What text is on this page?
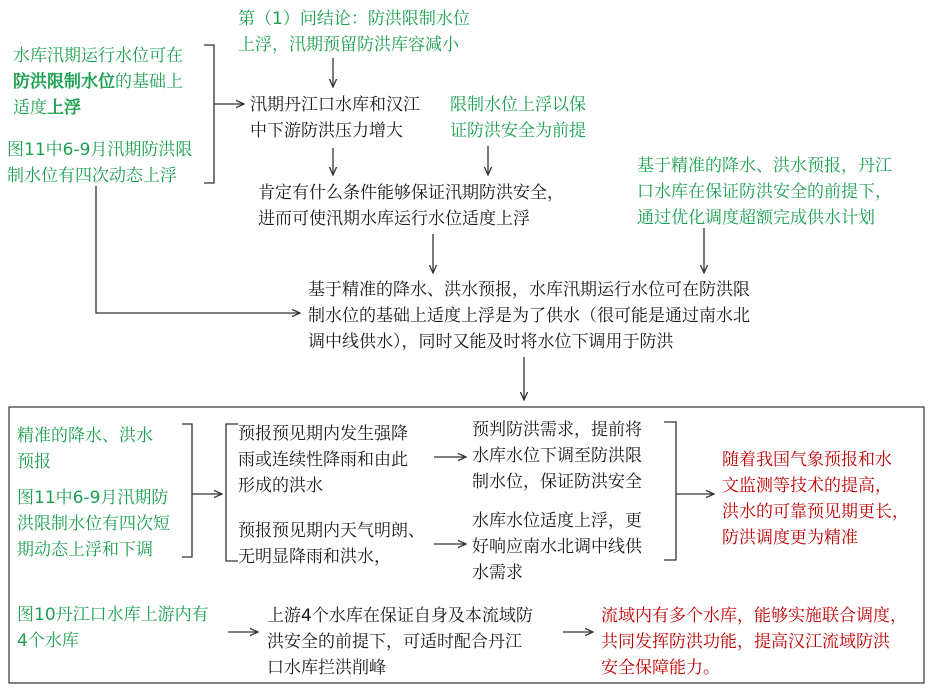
第（1）问结论：防洪限制水位
上浮，汛期预留防洪库容减小
水库汛期运行水位可在
防洪限制水位的基础上
适度上浮
图11中6-9月汛期防洪限
制水位有四次动态上浮
汛期丹江口水库和汉江
中下游防洪压力增大
限制水位上浮以保
证防洪安全为前提
肯定有什么条件能够保证汛期防洪安全，
进而可使汛期水库运行水位适度上浮
基于精准的降水、洪水预报，丹江
口水库在保证防洪安全的前提下，
通过优化调度超额完成供水计划
基于精准的降水、洪水预报，水库汛期运行水位可在防洪限
制水位的基础上适度上浮是为了供水（很可能是通过南水北
调中线供水），同时又能及时将水位下调用于防洪
精准的降水、洪水
预报
图11中6-9月汛期防
洪限制水位有四次短
期动态上浮和下调
预报预见期内发生强降
雨或连续性降雨和由此
形成的洪水
预报预见期内天气明朗、
无明显降雨和洪水，
预判防洪需求，提前将
水库水位下调至防洪限
制水位，保证防洪安全
水库水位适度上浮，更
好响应南水北调中线供
水需求
随着我国气象预报和水
文监测等技术的提高，
洪水的可靠预见期更长，
防洪调度更为精准
图10丹江口水库上游内有
4个水库
上游4个水库在保证自身及本流域防
洪安全的前提下，可适时配合丹江
口水库拦洪削峰
流域内有多个水库，能够实施联合调度，
共同发挥防洪功能，提高汉江流域防洪
安全保障能力。
